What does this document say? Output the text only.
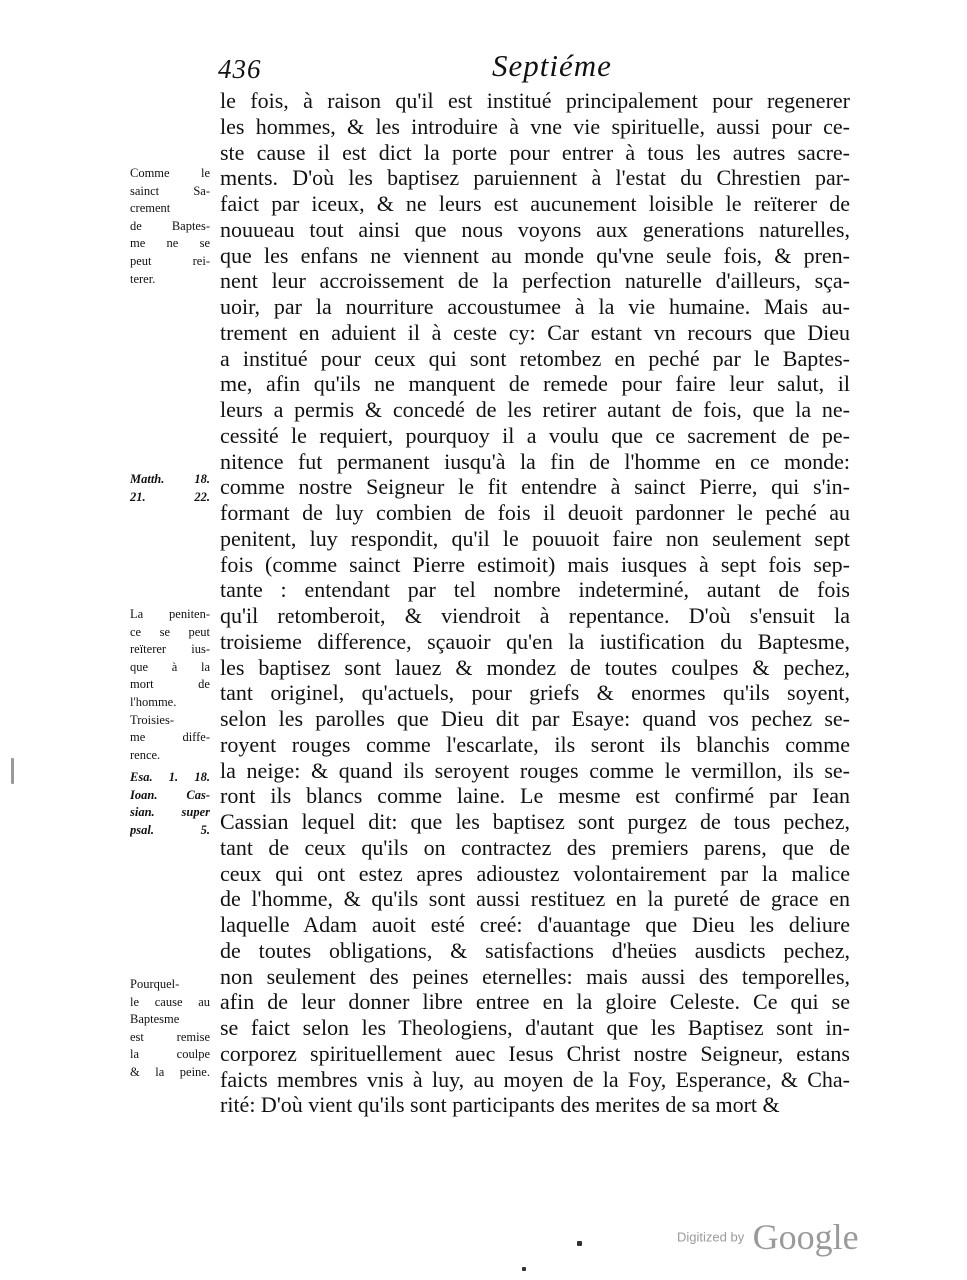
436	Septiéme
le fois, à raison qu'il est institué principalement pour regenerer
les hommes, & les introduire à vne vie spirituelle, aussi pour ce-
ste cause il est dict la porte pour entrer à tous les autres sacre-
ments. D'où les baptisez paruiennent à l'estat du Chrestien par-
faict par iceux, & ne leurs est aucunement loisible le reïterer de
nouueau tout ainsi que nous voyons aux generations naturelles,
que les enfans ne viennent au monde qu'vne seule fois, & pren-
nent leur accroissement de la perfection naturelle d'ailleurs, sça-
uoir, par la nourriture accoustumee à la vie humaine. Mais au-
trement en aduient il à ceste cy: Car estant vn recours que Dieu
a institué pour ceux qui sont retombez en peché par le Baptes-
me, afin qu'ils ne manquent de remede pour faire leur salut, il
leurs a permis & concedé de les retirer autant de fois, que la ne-
cessité le requiert, pourquoy il a voulu que ce sacrement de pe-
nitence fut permanent iusqu'à la fin de l'homme en ce monde:
comme nostre Seigneur le fit entendre à sainct Pierre, qui s'in-
formant de luy combien de fois il deuoit pardonner le peché au
penitent, luy respondit, qu'il le pouuoit faire non seulement sept
fois (comme sainct Pierre estimoit) mais iusques à sept fois sep-
tante : entendant par tel nombre indeterminé, autant de fois
qu'il retomberoit, & viendroit à repentance. D'où s'ensuit la
troisieme difference, sçauoir qu'en la iustification du Baptesme,
les baptisez sont lauez & mondez de toutes coulpes & pechez,
tant originel, qu'actuels, pour griefs & enormes qu'ils soyent,
selon les parolles que Dieu dit par Esaye: quand vos pechez se-
royent rouges comme l'escarlate, ils seront ils blanchis comme
la neige: & quand ils seroyent rouges comme le vermillon, ils se-
ront ils blancs comme laine. Le mesme est confirmé par Iean
Cassian lequel dit: que les baptisez sont purgez de tous pechez,
tant de ceux qu'ils on contractez des premiers parens, que de
ceux qui ont estez apres adioustez volontairement par la malice
de l'homme, & qu'ils sont aussi restituez en la pureté de grace en
laquelle Adam auoit esté creé: d'auantage que Dieu les deliure
de toutes obligations, & satisfactions d'heües ausdicts pechez,
non seulement des peines eternelles: mais aussi des temporelles,
afin de leur donner libre entree en la gloire Celeste. Ce qui se
se faict selon les Theologiens, d'autant que les Baptisez sont in-
corporez spirituellement auec Iesus Christ nostre Seigneur, estans
faicts membres vnis à luy, au moyen de la Foy, Esperance, & Cha-
rité: D'où vient qu'ils sont participants des merites de sa mort &
Comme le
sainct Sa-
crement
de Baptes-
me ne se
peut rei-
terer.
Matth. 18.
21. 22.
La peniten-
ce se peut
reïterer ius-
que à la
mort de
l'homme.
Troisies-
me diffe-
rence.
Esa. 1. 18.
Ioan. Cas-
sian. super
psal. 5.
Pourquel-
le cause au
Baptesme
est remise
la coulpe
& la peine.
Digitized by Google
